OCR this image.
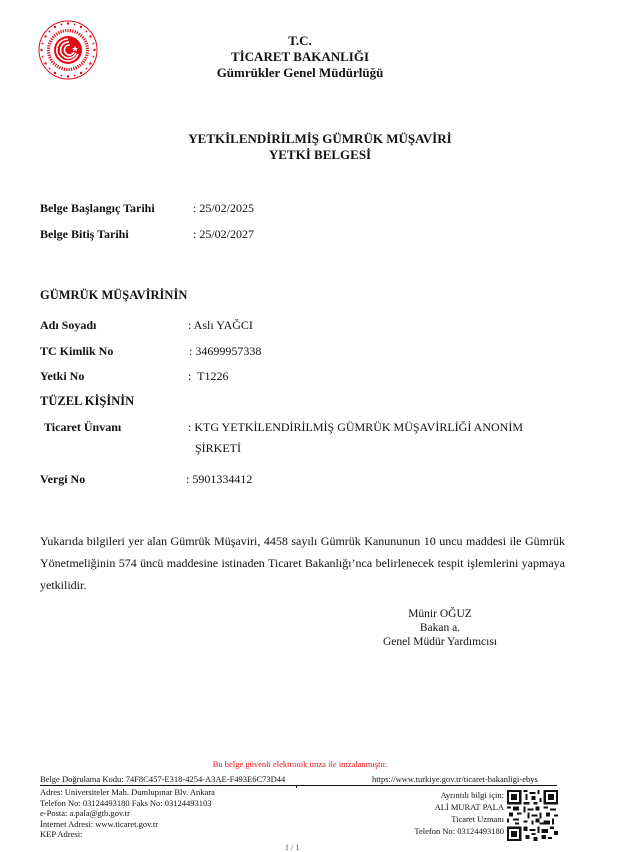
T.C.
TİCARET BAKANLIĞI
Gümrükler Genel Müdürlüğü
YETKİLENDİRİLMİŞ GÜMRÜK MÜŞAVİRİ
YETKİ BELGESİ
Belge Başlangıç Tarihi	: 25/02/2025
Belge Bitiş Tarihi	: 25/02/2027
GÜMRÜK MÜŞAVİRİNİN
Adı Soyadı	: Aslı YAĞCI
TC Kimlik No	: 34699957338
Yetki No	:  T1226
TÜZEL KİŞİNİN
Ticaret Ünvanı	: KTG YETKİLENDİRİLMİŞ GÜMRÜK MÜŞAVİRLİĞİ ANONİM
ŞİRKETİ
Vergi No	: 5901334412
Yukarıda bilgileri yer alan Gümrük Müşaviri, 4458 sayılı Gümrük Kanununun 10 uncu maddesi ile Gümrük Yönetmeliğinin 574 üncü maddesine istinaden Ticaret Bakanlığı’nca belirlenecek tespit işlemlerini yapmaya yetkilidir.
Münir OĞUZ
Bakan a.
Genel Müdür Yardımcısı
Bu belge güvenli elektronik imza ile imzalanmıştır.
Belge Doğrulama Kodu: 74F8C457-E318-4254-A3AE-F493E6C73D44	https://www.turkiye.gov.tr/ticaret-bakanligi-ebys
Adres: Universiteler Mah. Dumlupınar Blv. Ankara
Telefon No: 03124493180 Faks No: 03124493103
e-Posta: a.pala@gtb.gov.tr
İnternet Adresi: www.ticaret.gov.tr
KEP Adresi:
Ayrıntılı bilgi için:
ALİ MURAT PALA
Ticaret Uzmanı
Telefon No: 03124493180
1 / 1
